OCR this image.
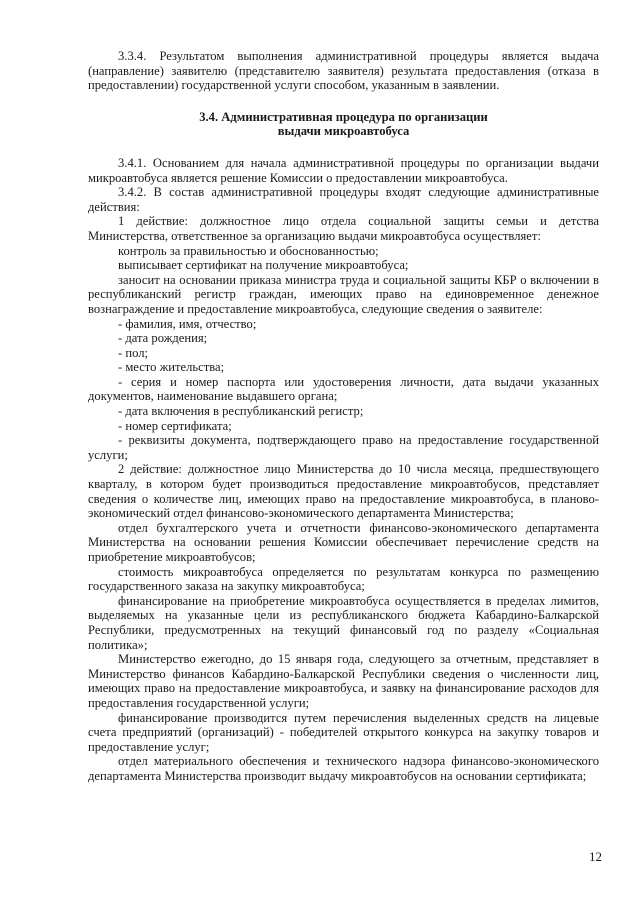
3.3.4. Результатом выполнения административной процедуры является выдача (направление) заявителю (представителю заявителя) результата предоставления (отказа в предоставлении) государственной услуги способом, указанным в заявлении.

3.4. Административная процедура по организации
выдачи микроавтобуса

3.4.1. Основанием для начала административной процедуры по организации выдачи микроавтобуса является решение Комиссии о предоставлении микроавтобуса.

3.4.2. В состав административной процедуры входят следующие административные действия:

1 действие: должностное лицо отдела социальной защиты семьи и детства Министерства, ответственное за организацию выдачи микроавтобуса осуществляет:

контроль за правильностью и обоснованностью;

выписывает сертификат на получение микроавтобуса;

заносит на основании приказа министра труда и социальной защиты КБР о включении в республиканский регистр граждан, имеющих право на единовременное денежное вознаграждение и предоставление микроавтобуса, следующие сведения о заявителе:

- фамилия, имя, отчество;

- дата рождения;

- пол;

- место жительства;

- серия и номер паспорта или удостоверения личности, дата выдачи указанных документов, наименование выдавшего органа;

- дата включения в республиканский регистр;

- номер сертификата;

- реквизиты документа, подтверждающего право на предоставление государственной услуги;

2 действие: должностное лицо Министерства до 10 числа месяца, предшествующего кварталу, в котором будет производиться предоставление микроавтобусов, представляет сведения о количестве лиц, имеющих право на предоставление микроавтобуса, в планово-экономический отдел финансово-экономического департамента Министерства;

отдел бухгалтерского учета и отчетности финансово-экономического департамента Министерства на основании решения Комиссии обеспечивает перечисление средств на приобретение микроавтобусов;

стоимость микроавтобуса определяется по результатам конкурса по размещению государственного заказа на закупку микроавтобуса;

финансирование на приобретение микроавтобуса осуществляется в пределах лимитов, выделяемых на указанные цели из республиканского бюджета Кабардино-Балкарской Республики, предусмотренных на текущий финансовый год по разделу «Социальная политика»;

Министерство ежегодно, до 15 января года, следующего за отчетным, представляет в Министерство финансов Кабардино-Балкарской Республики сведения о численности лиц, имеющих право на предоставление микроавтобуса, и заявку на финансирование расходов для предоставления государственной услуги;

финансирование производится путем перечисления выделенных средств на лицевые счета предприятий (организаций) - победителей открытого конкурса на закупку товаров и предоставление услуг;

отдел материального обеспечения и технического надзора финансово-экономического департамента Министерства производит выдачу микроавтобусов на основании сертификата;

12
